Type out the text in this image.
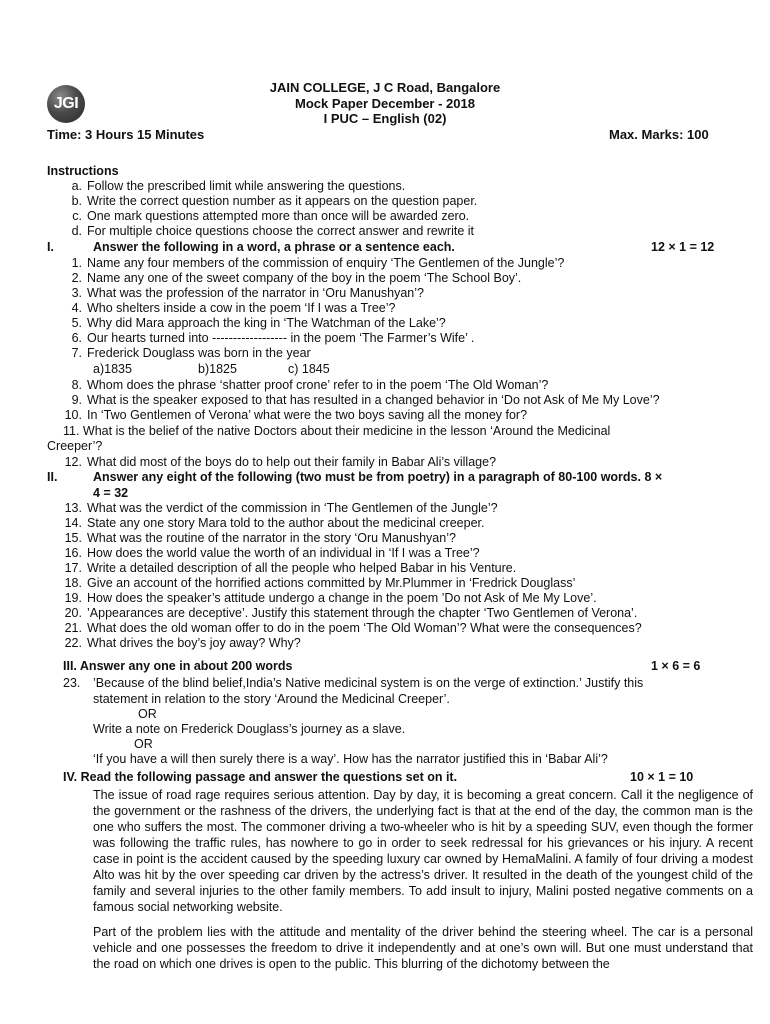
JGI
JAIN COLLEGE, J C Road, Bangalore
Mock Paper December - 2018
I PUC – English (02)
Time: 3 Hours 15 Minutes	Max. Marks: 100
Instructions
a. Follow the prescribed limit while answering the questions.
b. Write the correct question number as it appears on the question paper.
c. One mark questions attempted more than once will be awarded zero.
d. For multiple choice questions choose the correct answer and rewrite it
I.	Answer the following in a word, a phrase or a sentence each.	12 × 1 = 12
1. Name any four members of the commission of enquiry ‘The Gentlemen of the Jungle’?
2. Name any one of the sweet company of the boy in the poem ‘The School Boy’.
3. What was the profession of the narrator in ‘Oru Manushyan’?
4. Who shelters inside a cow in the poem ‘If I was a Tree’?
5. Why did Mara approach the king in ‘The Watchman of the Lake’?
6. Our hearts turned into ------------------ in the poem ‘The Farmer’s Wife’ .
7. Frederick Douglass was born in the year
a)1835	b)1825	c) 1845
8. Whom does the phrase ‘shatter proof crone’ refer to in the poem ‘The Old Woman’?
9. What is the speaker exposed to that has resulted in a changed behavior in ‘Do not Ask of Me My Love’?
10. In ‘Two Gentlemen of Verona’ what were the two boys saving all the money for?
11. What is the belief of the native Doctors about their medicine in the lesson ‘Around the Medicinal
Creeper’?
12. What did most of the boys do to help out their family in Babar Ali’s village?
II.	Answer any eight of the following (two must be from poetry) in a paragraph of 80-100 words. 8 ×
4 = 32
13. What was the verdict of the commission in ‘The Gentlemen of the Jungle’?
14. State any one story Mara told to the author about the medicinal creeper.
15. What was the routine of the narrator in the story ‘Oru Manushyan’?
16. How does the world value the worth of an individual in ‘If I was a Tree’?
17. Write a detailed description of all the people who helped Babar in his Venture.
18. Give an account of the horrified actions committed by Mr.Plummer in ‘Fredrick Douglass’
19. How does the speaker’s attitude undergo a change in the poem ’Do not Ask of Me My Love’.
20. ’Appearances are deceptive’. Justify this statement through the chapter ‘Two Gentlemen of Verona’.
21. What does the old woman offer to do in the poem ‘The Old Woman’? What were the consequences?
22. What drives the boy’s joy away? Why?
III. Answer any one in about 200 words	1 × 6 = 6
23. ’Because of the blind belief,India’s Native medicinal system is on the verge of extinction.’ Justify this
statement in relation to the story ‘Around the Medicinal Creeper’.
OR
Write a note on Frederick Douglass’s journey as a slave.
OR
‘If you have a will then surely there is a way’. How has the narrator justified this in ‘Babar Ali’?
IV. Read the following passage and answer the questions set on it.	10 × 1 = 10
The issue of road rage requires serious attention. Day by day, it is becoming a great concern. Call it the negligence of the government or the rashness of the drivers, the underlying fact is that at the end of the day, the common man is the one who suffers the most. The commoner driving a two-wheeler who is hit by a speeding SUV, even though the former was following the traffic rules, has nowhere to go in order to seek redressal for his grievances or his injury. A recent case in point is the accident caused by the speeding luxury car owned by HemaMalini. A family of four driving a modest Alto was hit by the over speeding car driven by the actress’s driver. It resulted in the death of the youngest child of the family and several injuries to the other family members. To add insult to injury, Malini posted negative comments on a famous social networking website.
Part of the problem lies with the attitude and mentality of the driver behind the steering wheel. The car is a personal vehicle and one possesses the freedom to drive it independently and at one’s own will. But one must understand that the road on which one drives is open to the public. This blurring of the dichotomy between the
